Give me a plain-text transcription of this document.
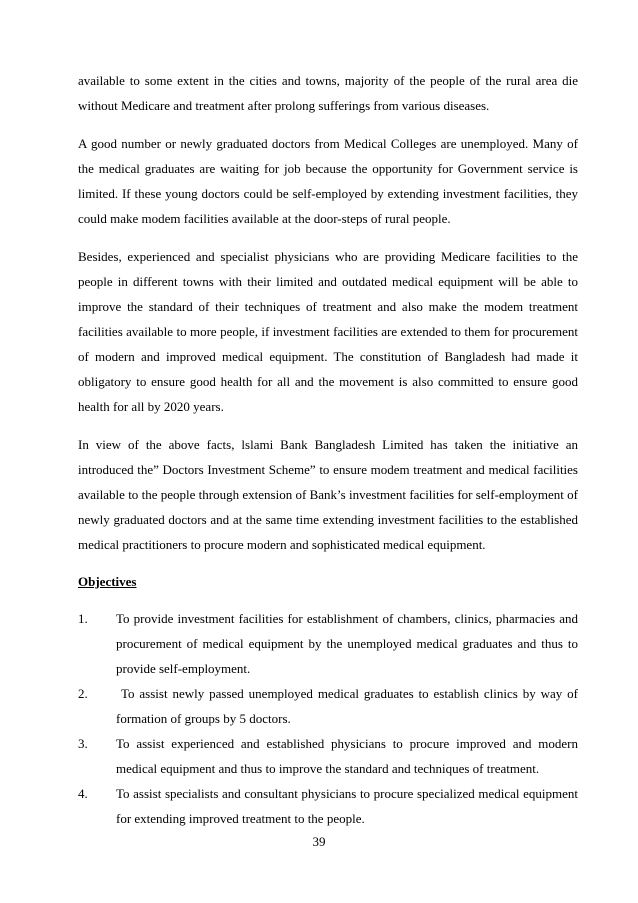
available to some extent in the cities and towns, majority of the people of the rural area die without Medicare and treatment after prolong sufferings from various diseases.

A good number or newly graduated doctors from Medical Colleges are unemployed. Many of the medical graduates are waiting for job because the opportunity for Government service is limited. If these young doctors could be self-employed by extending investment facilities, they could make modem facilities available at the door-steps of rural people.

Besides, experienced and specialist physicians who are providing Medicare facilities to the people in different towns with their limited and outdated medical equipment will be able to improve the standard of their techniques of treatment and also make the modem treatment facilities available to more people, if investment facilities are extended to them for procurement of modern and improved medical equipment. The constitution of Bangladesh had made it obligatory to ensure good health for all and the movement is also committed to ensure good health for all by 2020 years.

In view of the above facts, lslami Bank Bangladesh Limited has taken the initiative an introduced the” Doctors Investment Scheme” to ensure modem treatment and medical facilities available to the people through extension of Bank’s investment facilities for self-employment of newly graduated doctors and at the same time extending investment facilities to the established medical practitioners to procure modern and sophisticated medical equipment.

Objectives
1.	To provide investment facilities for establishment of chambers, clinics, pharmacies and procurement of medical equipment by the unemployed medical graduates and thus to provide self-employment.
2.	To assist newly passed unemployed medical graduates to establish clinics by way of formation of groups by 5 doctors.
3.	To assist experienced and established physicians to procure improved and modern medical equipment and thus to improve the standard and techniques of treatment.
4.	To assist specialists and consultant physicians to procure specialized medical equipment for extending improved treatment to the people.
39
